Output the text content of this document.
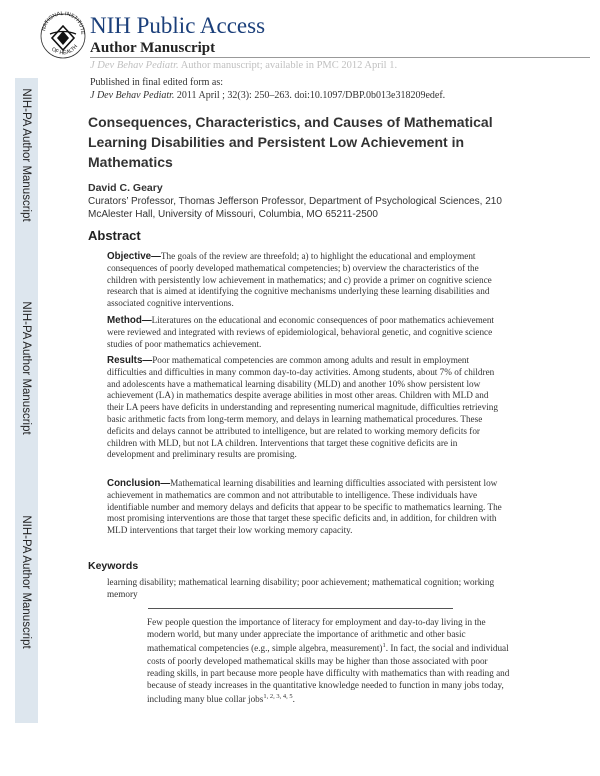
NATIONAL INSTITUTE
OF HEALTH
NIH Public Access
Author Manuscript
J Dev Behav Pediatr. Author manuscript; available in PMC 2012 April 1.
NIH-PA Author Manuscript
NIH-PA Author Manuscript
NIH-PA Author Manuscript
Published in final edited form as:
J Dev Behav Pediatr. 2011 April ; 32(3): 250–263. doi:10.1097/DBP.0b013e318209edef.
Consequences, Characteristics, and Causes of Mathematical Learning Disabilities and Persistent Low Achievement in Mathematics
David C. Geary
Curators’ Professor, Thomas Jefferson Professor, Department of Psychological Sciences, 210 McAlester Hall, University of Missouri, Columbia, MO 65211-2500
Abstract
Objective—The goals of the review are threefold; a) to highlight the educational and employment consequences of poorly developed mathematical competencies; b) overview the characteristics of the children with persistently low achievement in mathematics; and c) provide a primer on cognitive science research that is aimed at identifying the cognitive mechanisms underlying these learning disabilities and associated cognitive interventions.
Method—Literatures on the educational and economic consequences of poor mathematics achievement were reviewed and integrated with reviews of epidemiological, behavioral genetic, and cognitive science studies of poor mathematics achievement.
Results—Poor mathematical competencies are common among adults and result in employment difficulties and difficulties in many common day-to-day activities. Among students, about 7% of children and adolescents have a mathematical learning disability (MLD) and another 10% show persistent low achievement (LA) in mathematics despite average abilities in most other areas. Children with MLD and their LA peers have deficits in understanding and representing numerical magnitude, difficulties retrieving basic arithmetic facts from long-term memory, and delays in learning mathematical procedures. These deficits and delays cannot be attributed to intelligence, but are related to working memory deficits for children with MLD, but not LA children. Interventions that target these cognitive deficits are in development and preliminary results are promising.
Conclusion—Mathematical learning disabilities and learning difficulties associated with persistent low achievement in mathematics are common and not attributable to intelligence. These individuals have identifiable number and memory delays and deficits that appear to be specific to mathematics learning. The most promising interventions are those that target these specific deficits and, in addition, for children with MLD interventions that target their low working memory capacity.
Keywords
learning disability; mathematical learning disability; poor achievement; mathematical cognition; working memory
Few people question the importance of literacy for employment and day-to-day living in the modern world, but many under appreciate the importance of arithmetic and other basic mathematical competencies (e.g., simple algebra, measurement)$^1$. In fact, the social and individual costs of poorly developed mathematical skills may be higher than those associated with poor reading skills, in part because more people have difficulty with mathematics than with reading and because of steady increases in the quantitative knowledge needed to function in many jobs today, including many blue collar jobs$^{1, 2, 3, 4, 5}$.
